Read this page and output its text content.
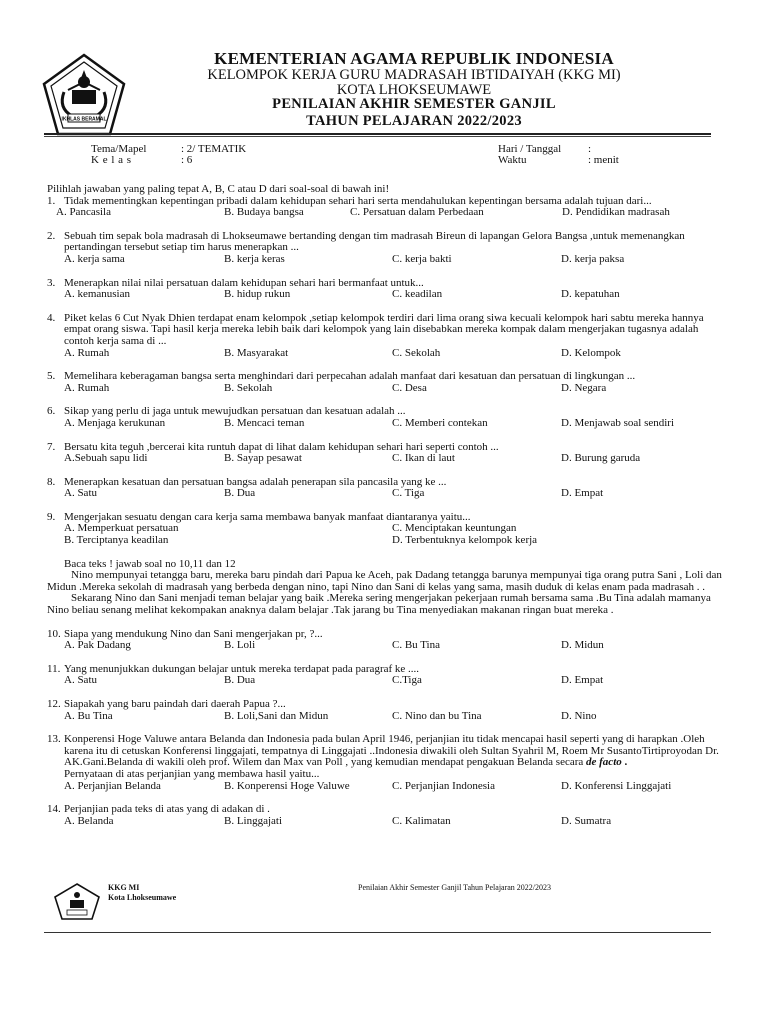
IKHLAS BERAMAL
KEMENTERIAN AGAMA REPUBLIK INDONESIA
KELOMPOK KERJA GURU MADRASAH IBTIDAIYAH (KKG MI)
KOTA LHOKSEUMAWE
PENILAIAN AKHIR SEMESTER GANJIL
TAHUN PELAJARAN 2022/2023
Tema/Mapel	: 2/ TEMATIK
K e l a s	: 6
Hari / Tanggal :
Waktu	: menit

Pilihlah jawaban yang paling tepat A, B, C atau D dari soal-soal di bawah ini!

1. Tidak mementingkan kepentingan pribadi dalam kehidupan sehari hari serta mendahulukan kepentingan bersama adalah tujuan dari...
A. Pancasila	B. Budaya bangsa	C. Persatuan dalam Perbedaan	D. Pendidikan madrasah
2. Sebuah tim sepak bola madrasah di Lhokseumawe bertanding dengan tim madrasah Bireun di lapangan Gelora Bangsa ,untuk memenangkan pertandingan tersebut setiap tim harus menerapkan ...
A. kerja sama	B. kerja keras	C. kerja bakti	D. kerja paksa
3. Menerapkan nilai nilai persatuan dalam kehidupan sehari hari bermanfaat untuk...
A. kemanusian	B. hidup rukun	C. keadilan	D. kepatuhan
4. Piket kelas 6 Cut Nyak Dhien terdapat enam kelompok ,setiap kelompok terdiri dari lima orang siwa kecuali kelompok hari sabtu mereka hannya empat orang siswa. Tapi hasil kerja mereka lebih baik dari kelompok yang lain disebabkan mereka kompak dalam mengerjakan tugasnya adalah contoh kerja sama di ...
A. Rumah	B. Masyarakat	C. Sekolah	D. Kelompok
5. Memelihara keberagaman bangsa serta menghindari dari perpecahan adalah manfaat dari kesatuan dan persatuan di lingkungan ...
A. Rumah	B. Sekolah	C. Desa	D. Negara
6. Sikap yang perlu di jaga untuk mewujudkan persatuan dan kesatuan adalah ...
A. Menjaga kerukunan	B. Mencaci teman	C. Memberi contekan	D. Menjawab soal sendiri
7. Bersatu kita teguh ,bercerai kita runtuh dapat di lihat dalam kehidupan sehari hari seperti contoh ...
A.Sebuah sapu lidi	B. Sayap pesawat	C. Ikan di laut	D. Burung garuda
8. Menerapkan kesatuan dan persatuan bangsa adalah penerapan sila pancasila yang ke ...
A. Satu	B. Dua	C. Tiga	D. Empat
9. Mengerjakan sesuatu dengan cara kerja sama membawa banyak manfaat diantaranya yaitu...
A. Memperkuat persatuan	C. Menciptakan keuntungan
B. Terciptanya keadilan	D. Terbentuknya kelompok kerja

Baca teks ! jawab soal no 10,11 dan 12

Nino mempunyai tetangga baru, mereka baru pindah dari Papua ke Aceh, pak Dadang tetangga barunya mempunyai tiga orang putra Sani , Loli dan Midun .Mereka sekolah di madrasah yang berbeda dengan nino, tapi Nino dan Sani di kelas yang sama, masih duduk di kelas enam pada madrasah . .

Sekarang Nino dan Sani menjadi teman belajar yang baik .Mereka sering mengerjakan pekerjaan rumah bersama sama .Bu Tina adalah mamanya Nino beliau senang melihat kekompakan anaknya dalam belajar .Tak jarang bu Tina menyediakan makanan ringan buat mereka .

10. Siapa yang mendukung Nino dan Sani mengerjakan pr, ?...
A. Pak Dadang	B. Loli	C. Bu Tina	D. Midun
11. Yang menunjukkan dukungan belajar untuk mereka terdapat pada paragraf ke ....
A. Satu	B. Dua	C.Tiga	D. Empat
12. Siapakah yang baru paindah dari daerah Papua ?...
A. Bu Tina	B. Loli,Sani dan Midun	C. Nino dan bu Tina	D. Nino
13. Konperensi Hoge Valuwe antara Belanda dan Indonesia pada bulan April 1946, perjanjian itu tidak mencapai hasil seperti yang di harapkan .Oleh karena itu di cetuskan Konferensi linggajati, tempatnya di Linggajati ..Indonesia diwakili oleh Sultan Syahril M, Roem Mr SusantoTirtiproyodan Dr. AK.Gani.Belanda di wakili oleh prof. Wilem dan Max van Poll , yang kemudian mendapat pengakuan Belanda secara de facto .
Pernyataan di atas perjanjian yang membawa hasil yaitu...
A. Perjanjian Belanda	B. Konperensi Hoge Valuwe	C. Perjanjian Indonesia	D. Konferensi Linggajati
14. Perjanjian pada teks di atas yang di adakan di .
A. Belanda	B. Linggajati	C. Kalimatan	D. Sumatra
KKG MI
Kota Lhokseumawe
Penilaian Akhir Semester Ganjil Tahun Pelajaran 2022/2023
